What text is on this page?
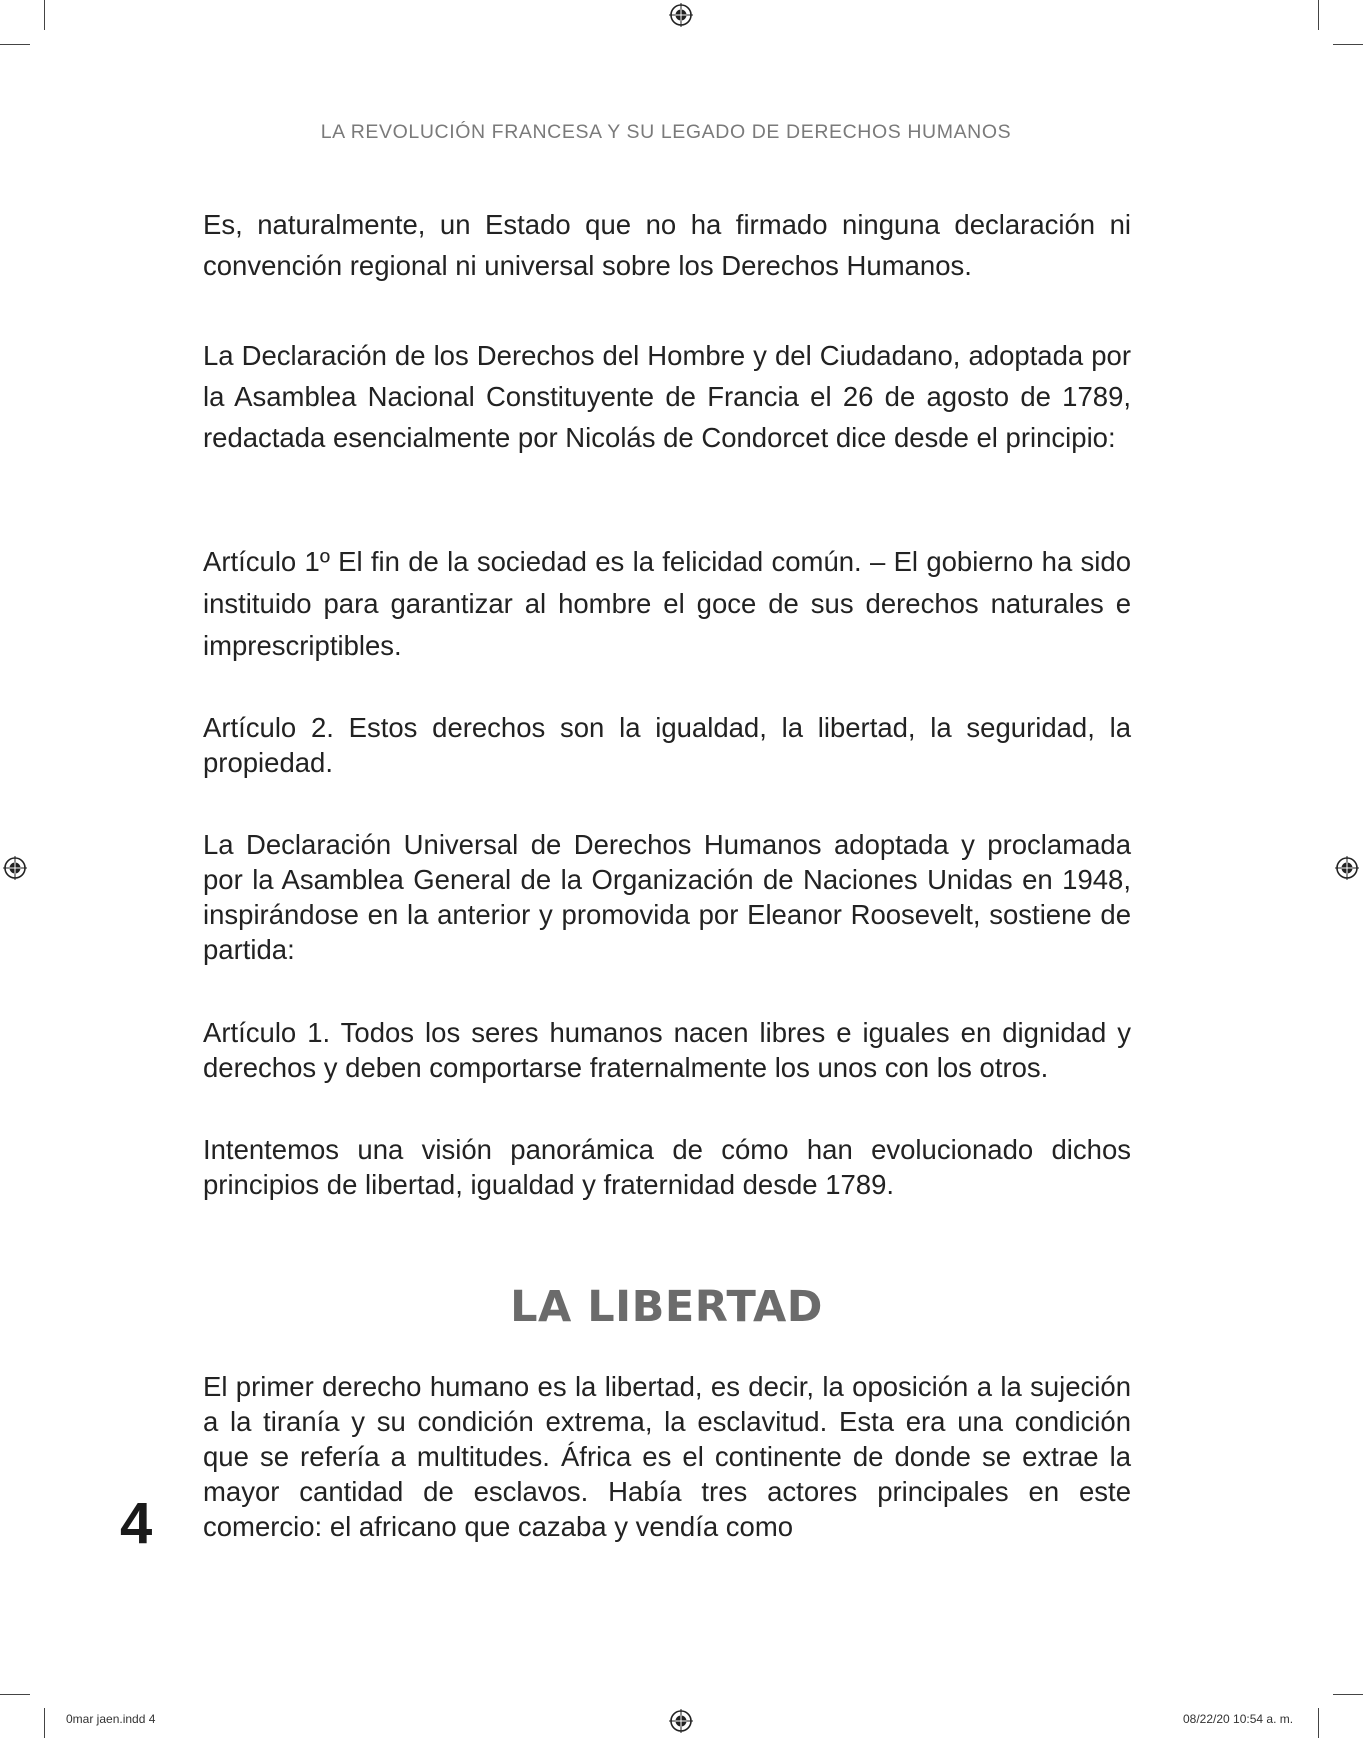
LA REVOLUCIÓN FRANCESA Y SU LEGADO DE DERECHOS HUMANOS

Es, naturalmente, un Estado que no ha firmado ninguna declaración ni convención regional ni universal sobre los Derechos Humanos.

La Declaración de los Derechos del Hombre y del Ciudadano, adoptada por la Asamblea Nacional Constituyente de Francia el 26 de agosto de 1789, redactada esencialmente por Nicolás de Condorcet dice desde el principio:

Artículo 1º El fin de la sociedad es la felicidad común. – El gobierno ha sido instituido para garantizar al hombre el goce de sus derechos naturales e imprescriptibles.

Artículo 2. Estos derechos son la igualdad, la libertad, la seguridad, la propiedad.

La Declaración Universal de Derechos Humanos adoptada y proclamada por la Asamblea General de la Organización de Naciones Unidas en 1948, inspirándose en la anterior y promovida por Eleanor Roosevelt, sostiene de partida:

Artículo 1. Todos los seres humanos nacen libres e iguales en dignidad y derechos y deben comportarse fraternalmente los unos con los otros.

Intentemos una visión panorámica de cómo han evolucionado dichos principios de libertad, igualdad y fraternidad desde 1789.

LA LIBERTAD

El primer derecho humano es la libertad, es decir, la oposición a la sujeción a la tiranía y su condición extrema, la esclavitud. Esta era una condición que se refería a multitudes. África es el continente de donde se extrae la mayor cantidad de esclavos. Había tres actores principales en este comercio: el africano que cazaba y vendía como

4
0mar jaen.indd 4	08/22/20 10:54 a. m.
